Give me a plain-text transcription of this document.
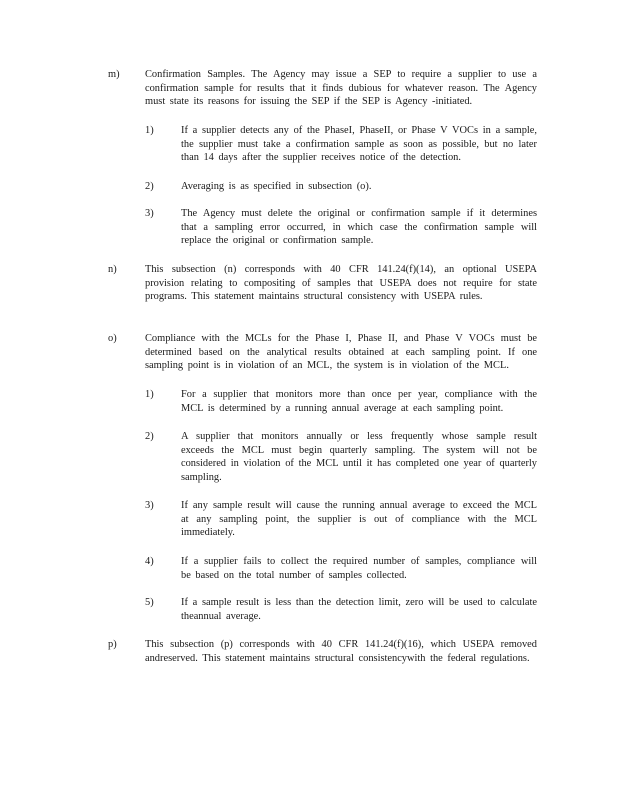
m) Confirmation Samples. The Agency may issue a SEP to require a supplier to use a confirmation sample for results that it finds dubious for whatever reason. The Agency must state its reasons for issuing the SEP if the SEP is Agency -initiated.
1)	If a supplier detects any of the PhaseI, PhaseII, or Phase V VOCs in a sample, the supplier must take a confirmation sample as soon as possible, but no later than 14 days after the supplier receives notice of the detection.
2)	Averaging is as specified in subsection (o).
3)	The Agency must delete the original or confirmation sample if it determines that a sampling error occurred, in which case the confirmation sample will replace the original or confirmation sample.
n)	This subsection (n) corresponds with 40 CFR 141.24(f)(14), an optional USEPA provision relating to compositing of samples that USEPA does not require for state programs. This statement maintains structural consistency with USEPA rules.
o)	Compliance with the MCLs for the Phase I, Phase II, and Phase V VOCs must be determined based on the analytical results obtained at each sampling point. If one sampling point is in violation of an MCL, the system is in violation of the MCL.
1)	For a supplier that monitors more than once per year, compliance with the MCL is determined by a running annual average at each sampling point.
2)	A supplier that monitors annually or less frequently whose sample result exceeds the MCL must begin quarterly sampling. The system will not be considered in violation of the MCL until it has completed one year of quarterly sampling.
3)	If any sample result will cause the running annual average to exceed the MCL at any sampling point, the supplier is out of compliance with the MCL immediately.
4)	If a supplier fails to collect the required number of samples, compliance will be based on the total number of samples collected.
5)	If a sample result is less than the detection limit, zero will be used to calculate theannual average.
p)	This subsection (p) corresponds with 40 CFR 141.24(f)(16), which USEPA removed andreserved. This statement maintains structural consistencywith the federal regulations.
